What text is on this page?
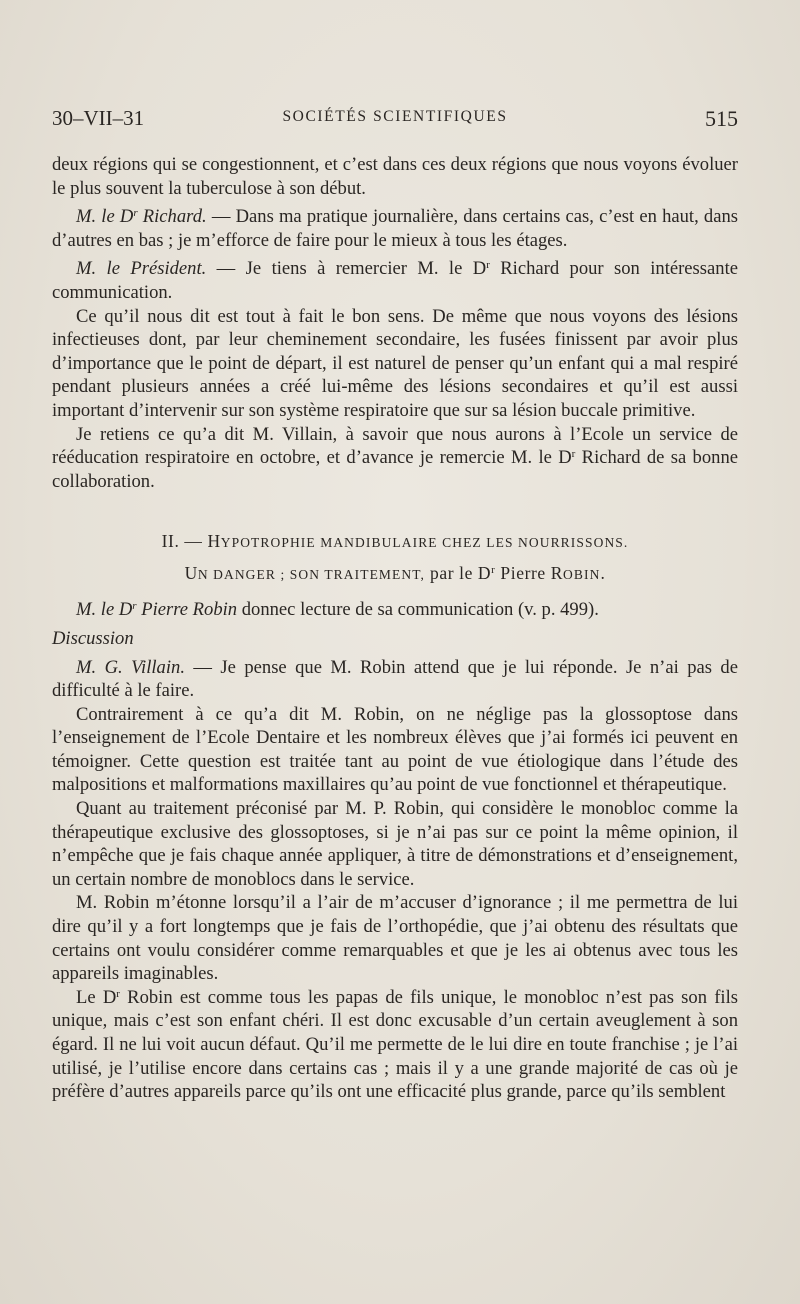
30–VII–31	SOCIÉTÉS SCIENTIFIQUES	515

deux régions qui se congestionnent, et c’est dans ces deux régions que nous voyons évoluer le plus souvent la tuberculose à son début.

M. le $D^r$ Richard. — Dans ma pratique journalière, dans certains cas, c’est en haut, dans d’autres en bas ; je m’efforce de faire pour le mieux à tous les étages.

M. le Président. — Je tiens à remercier M. le $D^r$ Richard pour son intéressante communication.

Ce qu’il nous dit est tout à fait le bon sens. De même que nous voyons des lésions infectieuses dont, par leur cheminement secondaire, les fusées finissent par avoir plus d’importance que le point de départ, il est naturel de penser qu’un enfant qui a mal respiré pendant plusieurs années a créé lui-même des lésions secondaires et qu’il est aussi important d’intervenir sur son système respiratoire que sur sa lésion buccale primitive.

Je retiens ce qu’a dit M. Villain, à savoir que nous aurons à l’Ecole un service de rééducation respiratoire en octobre, et d’avance je remercie M. le $D^r$ Richard de sa bonne collaboration.

II. — HYPOTROPHIE MANDIBULAIRE CHEZ LES NOURRISSONS.
UN DANGER ; SON TRAITEMENT, par le $D^r$ Pierre ROBIN.

M. le $D^r$ Pierre Robin donnec lecture de sa communication (v. p. 499).

Discussion

M. G. Villain. — Je pense que M. Robin attend que je lui réponde. Je n’ai pas de difficulté à le faire.

Contrairement à ce qu’a dit M. Robin, on ne néglige pas la glossoptose dans l’enseignement de l’Ecole Dentaire et les nombreux élèves que j’ai formés ici peuvent en témoigner. Cette question est traitée tant au point de vue étiologique dans l’étude des malpositions et malformations maxillaires qu’au point de vue fonctionnel et thérapeutique.

Quant au traitement préconisé par M. P. Robin, qui considère le monobloc comme la thérapeutique exclusive des glossoptoses, si je n’ai pas sur ce point la même opinion, il n’empêche que je fais chaque année appliquer, à titre de démonstrations et d’enseignement, un certain nombre de monoblocs dans le service.

M. Robin m’étonne lorsqu’il a l’air de m’accuser d’ignorance ; il me permettra de lui dire qu’il y a fort longtemps que je fais de l’orthopédie, que j’ai obtenu des résultats que certains ont voulu considérer comme remarquables et que je les ai obtenus avec tous les appareils imaginables.

Le $D^r$ Robin est comme tous les papas de fils unique, le monobloc n’est pas son fils unique, mais c’est son enfant chéri. Il est donc excusable d’un certain aveuglement à son égard. Il ne lui voit aucun défaut. Qu’il me permette de le lui dire en toute franchise ; je l’ai utilisé, je l’utilise encore dans certains cas ; mais il y a une grande majorité de cas où je préfère d’autres appareils parce qu’ils ont une efficacité plus grande, parce qu’ils semblent
